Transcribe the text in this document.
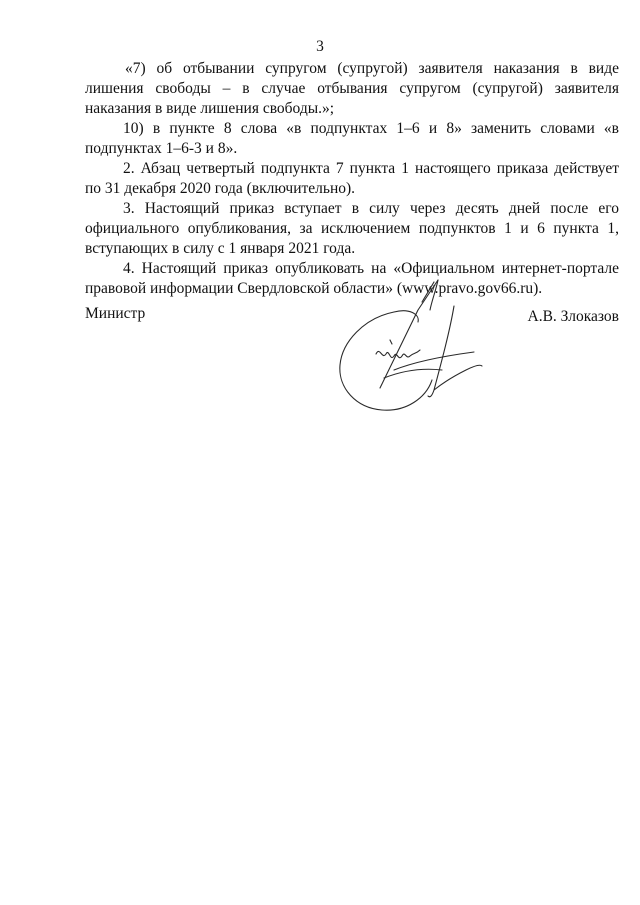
3

«7) об отбывании супругом (супругой) заявителя наказания в виде лишения свободы – в случае отбывания супругом (супругой) заявителя наказания в виде лишения свободы.»;

10) в пункте 8 слова «в подпунктах 1–6 и 8» заменить словами «в подпунктах 1–6-3 и 8».

2. Абзац четвертый подпункта 7 пункта 1 настоящего приказа действует по 31 декабря 2020 года (включительно).

3. Настоящий приказ вступает в силу через десять дней после его официального опубликования, за исключением подпунктов 1 и 6 пункта 1, вступающих в силу с 1 января 2021 года.

4. Настоящий приказ опубликовать на «Официальном интернет-портале правовой информации Свердловской области» (www.pravo.gov66.ru).

Министр	А.В. Злоказов
